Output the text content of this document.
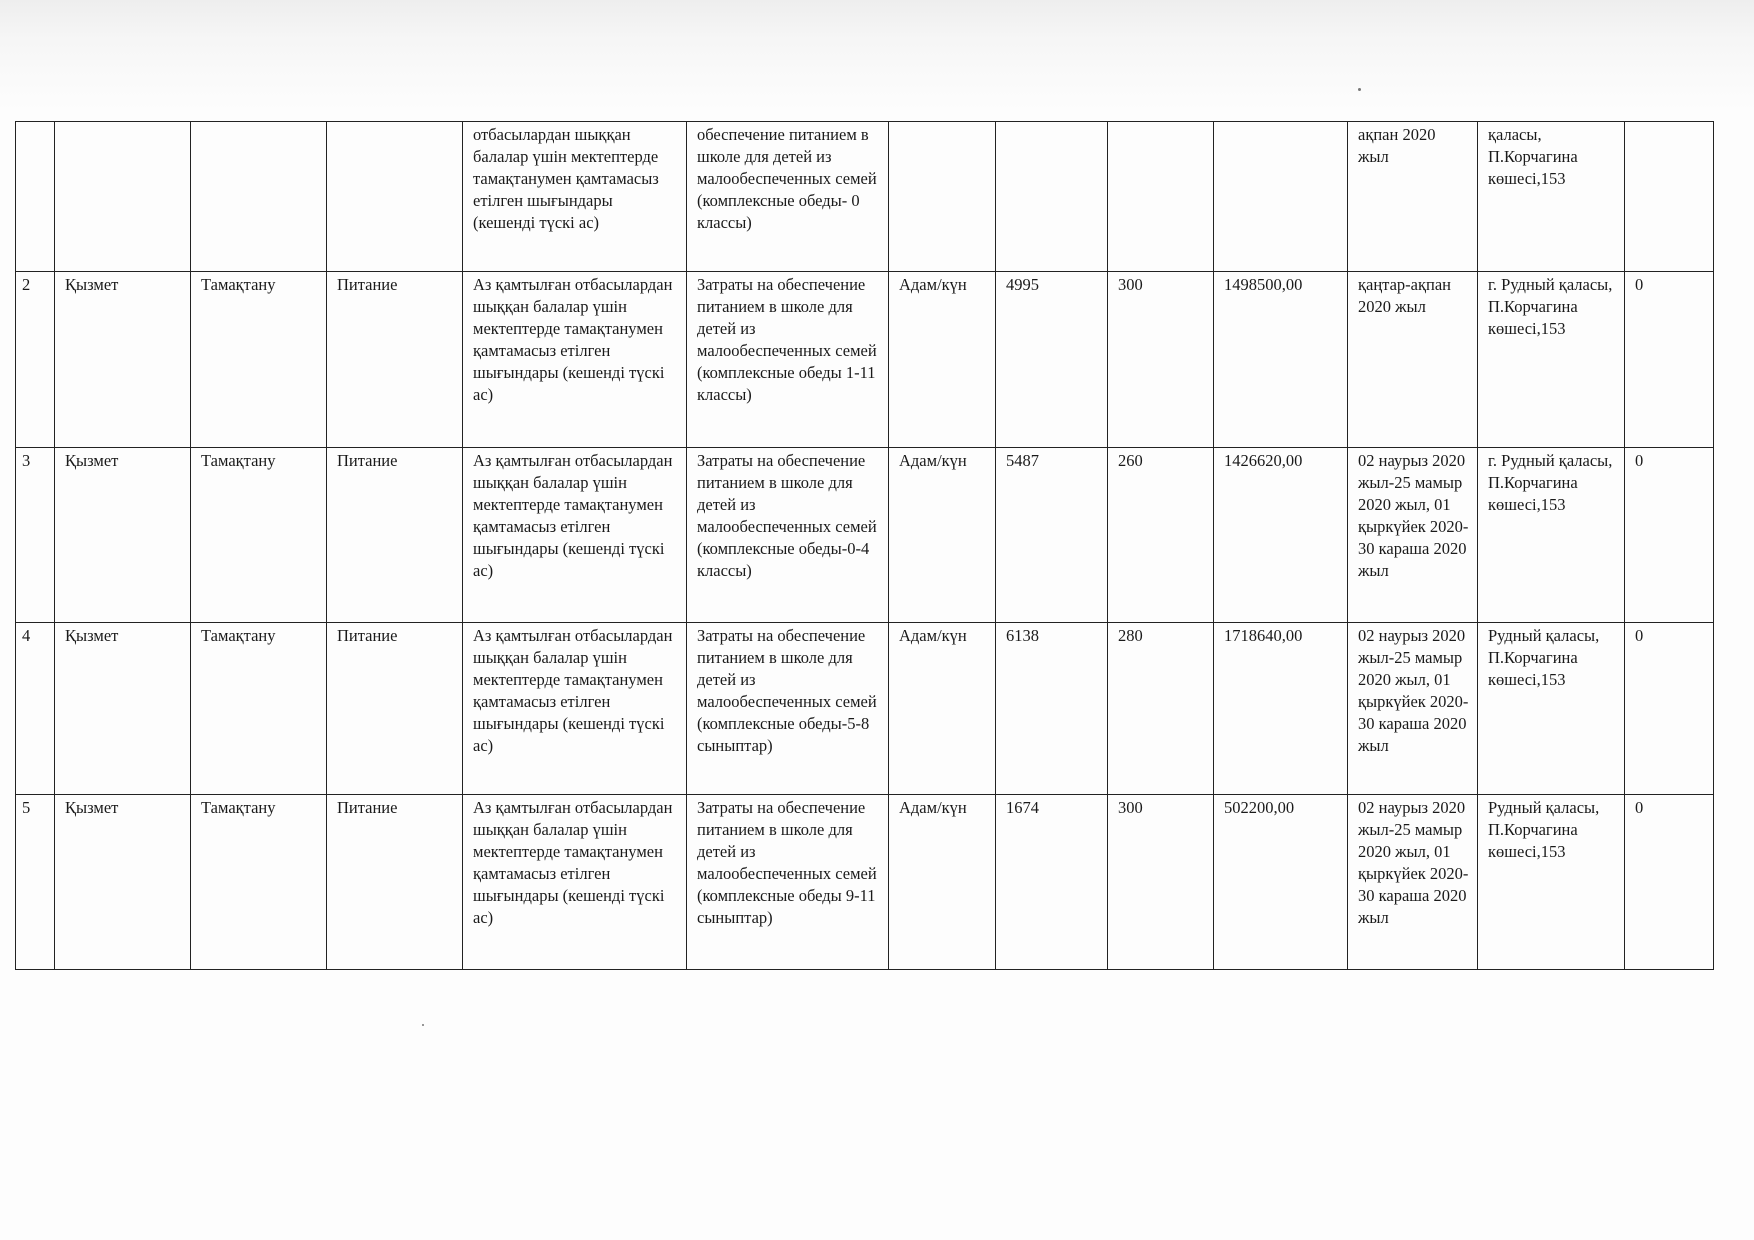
				отбасылардан шыққан балалар үшін мектептерде тамақтанумен қамтамасыз етілген шығындары (кешенді түскі ас)	обеспечение питанием в школе для детей из малообеспеченных семей (комплексные обеды- 0 классы)					ақпан 2020 жыл	қаласы, П.Корчагина көшесі,153	
2	Қызмет	Тамақтану	Питание	Аз қамтылған отбасылардан шыққан балалар үшін мектептерде тамақтанумен қамтамасыз етілген шығындары (кешенді түскі ас)	Затраты на обеспечение питанием в школе для детей из малообеспеченных семей (комплексные обеды 1-11 классы)	Адам/күн	4995	300	1498500,00	қаңтар-ақпан 2020 жыл	г. Рудный қаласы, П.Корчагина көшесі,153	0
3	Қызмет	Тамақтану	Питание	Аз қамтылған отбасылардан шыққан балалар үшін мектептерде тамақтанумен қамтамасыз етілген шығындары (кешенді түскі ас)	Затраты на обеспечение питанием в школе для детей из малообеспеченных семей (комплексные обеды-0-4 классы)	Адам/күн	5487	260	1426620,00	02 наурыз 2020 жыл-25 мамыр 2020 жыл, 01 қыркүйек 2020-30 караша 2020 жыл	г. Рудный қаласы, П.Корчагина көшесі,153	0
4	Қызмет	Тамақтану	Питание	Аз қамтылған отбасылардан шыққан балалар үшін мектептерде тамақтанумен қамтамасыз етілген шығындары (кешенді түскі ас)	Затраты на обеспечение питанием в школе для детей из малообеспеченных семей (комплексные обеды-5-8 сыныптар)	Адам/күн	6138	280	1718640,00	02 наурыз 2020 жыл-25 мамыр 2020 жыл, 01 қыркүйек 2020-30 караша 2020 жыл	Рудный қаласы, П.Корчагина көшесі,153	0
5	Қызмет	Тамақтану	Питание	Аз қамтылған отбасылардан шыққан балалар үшін мектептерде тамақтанумен қамтамасыз етілген шығындары (кешенді түскі ас)	Затраты на обеспечение питанием в школе для детей из малообеспеченных семей (комплексные обеды 9-11 сыныптар)	Адам/күн	1674	300	502200,00	02 наурыз 2020 жыл-25 мамыр 2020 жыл, 01 қыркүйек 2020-30 караша 2020 жыл	Рудный қаласы, П.Корчагина көшесі,153	0
